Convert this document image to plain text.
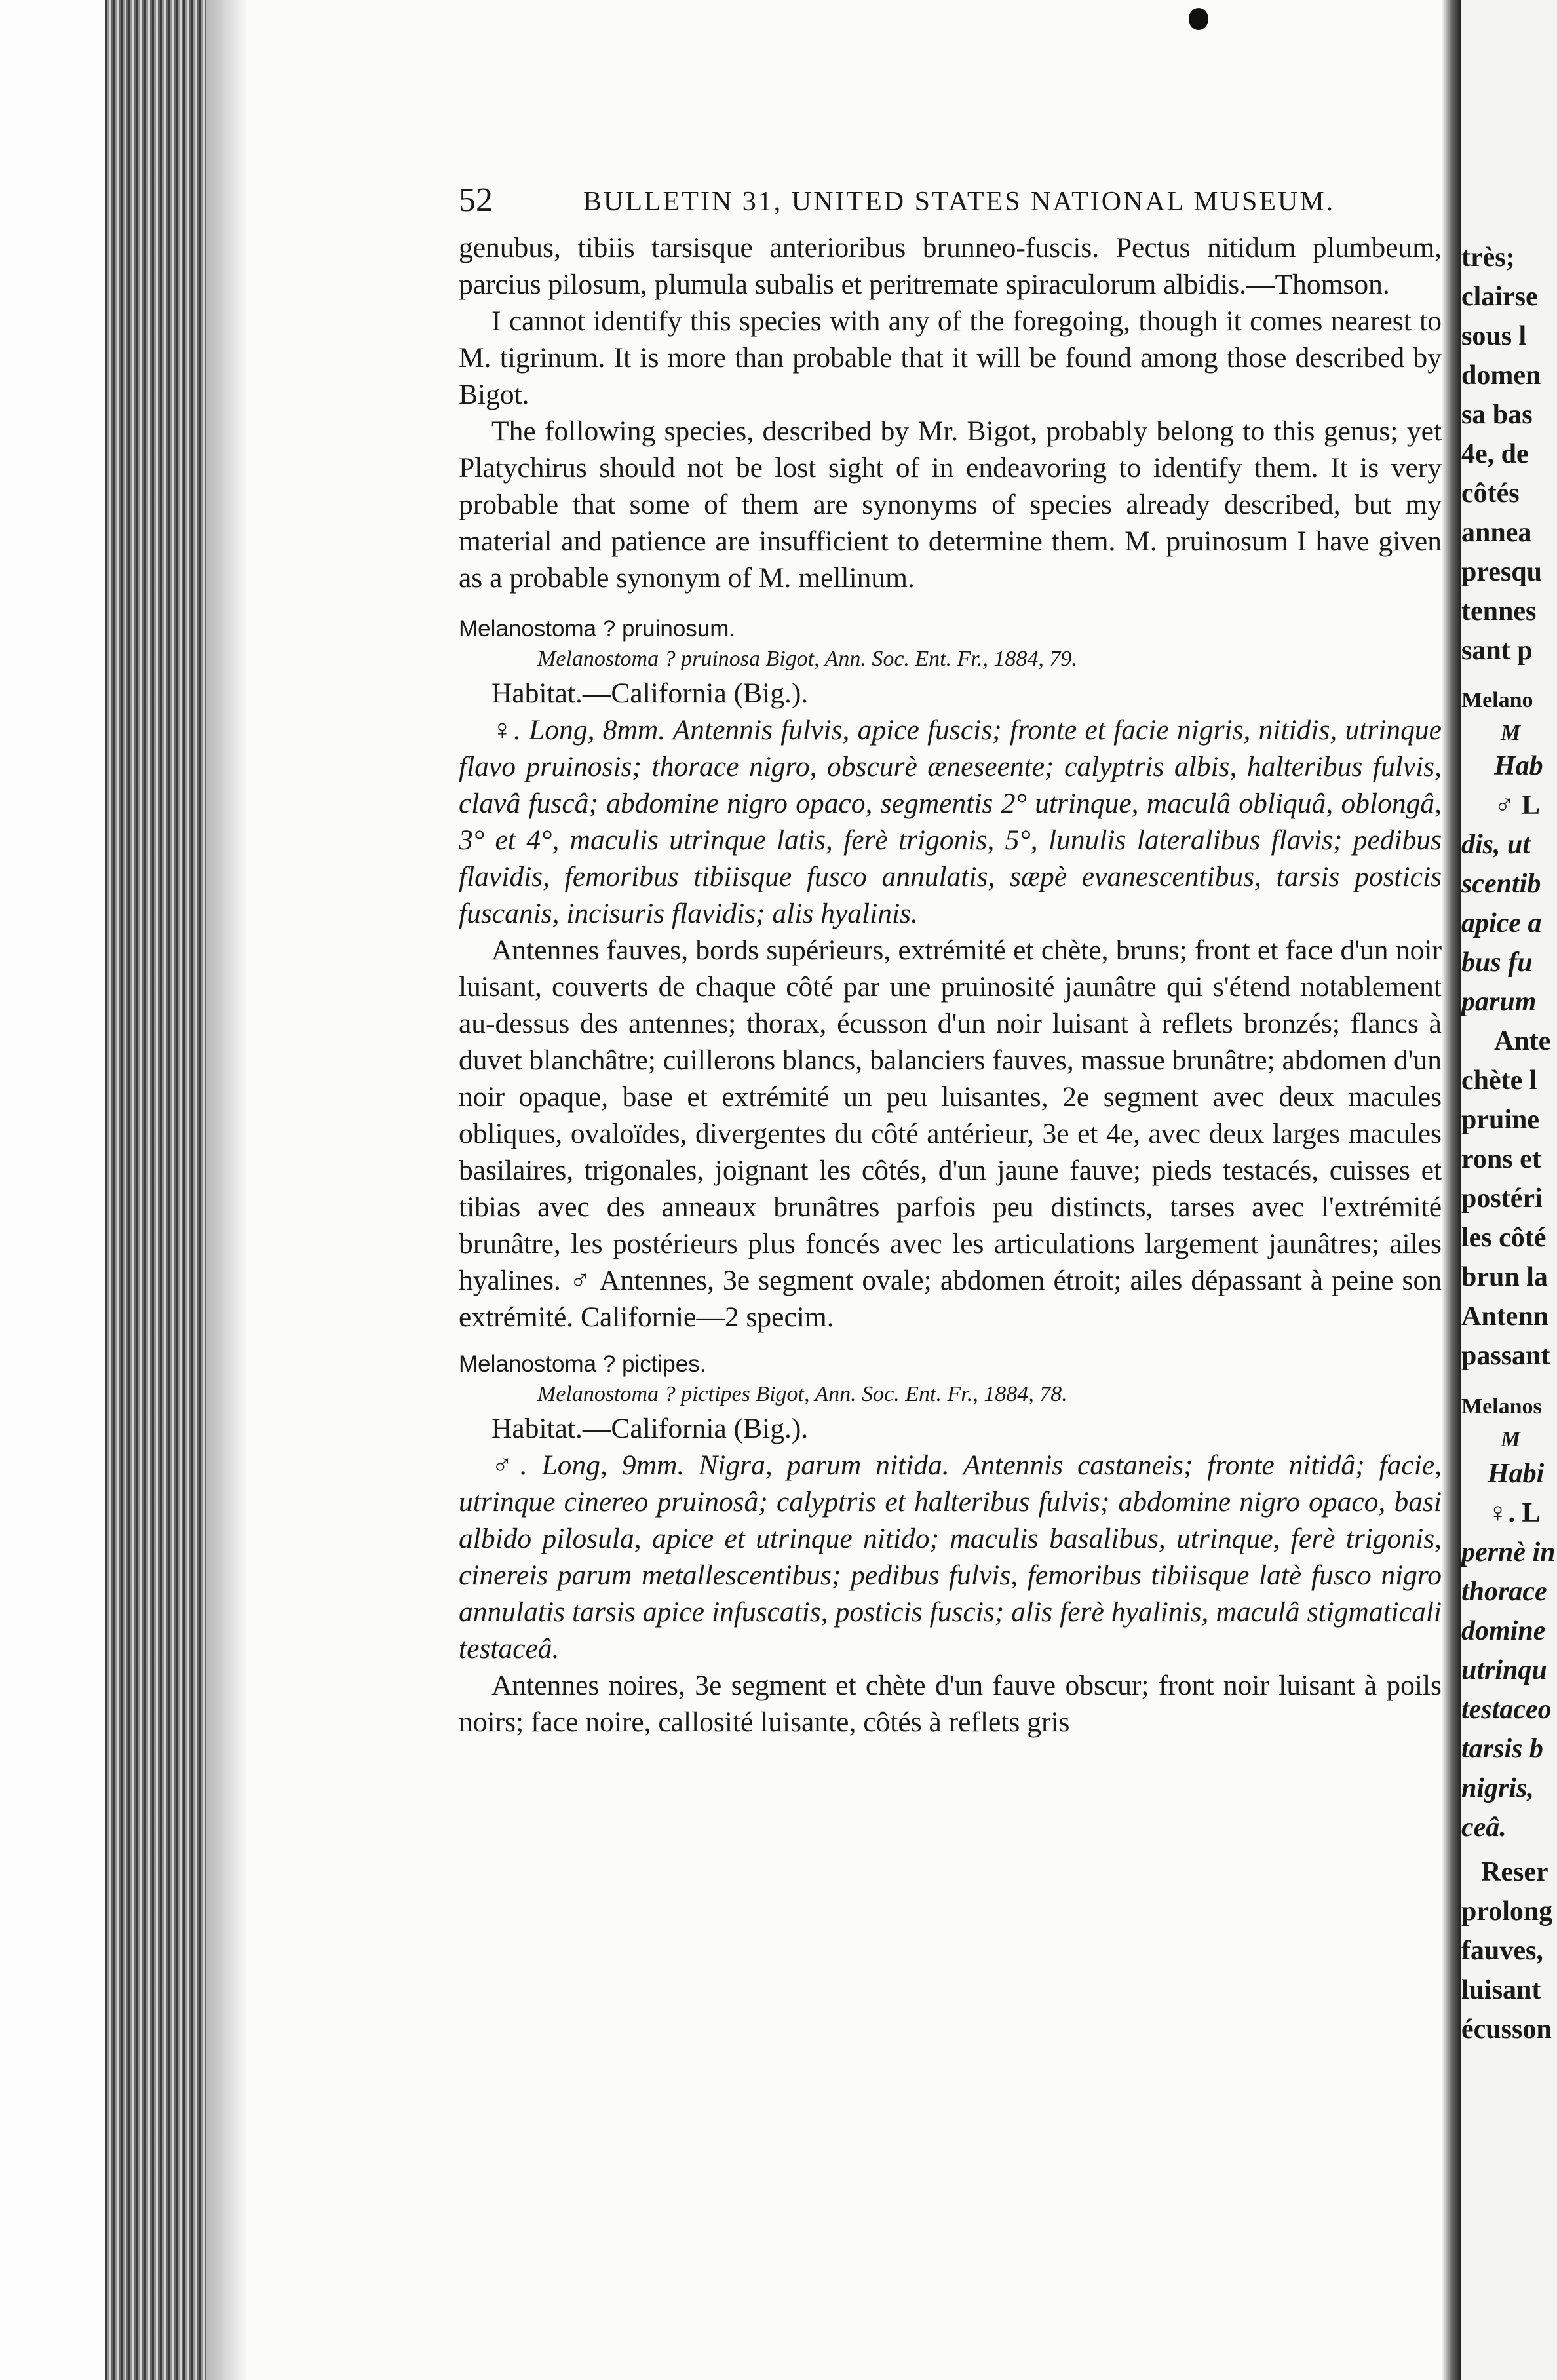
52	BULLETIN 31, UNITED STATES NATIONAL MUSEUM.

genubus, tibiis tarsisque anterioribus brunneo-fuscis. Pectus nitidum plumbeum, parcius pilosum, plumula subalis et peritremate spiraculorum albidis.—Thomson.

I cannot identify this species with any of the foregoing, though it comes nearest to M. tigrinum. It is more than probable that it will be found among those described by Bigot.

The following species, described by Mr. Bigot, probably belong to this genus; yet Platychirus should not be lost sight of in endeavoring to identify them. It is very probable that some of them are synonyms of species already described, but my material and patience are insufficient to determine them. M. pruinosum I have given as a probable synonym of M. mellinum.

Melanostoma ? pruinosum.

Melanostoma ? pruinosa Bigot, Ann. Soc. Ent. Fr., 1884, 79.

Habitat.—California (Big.).

♀. Long, 8mm. Antennis fulvis, apice fuscis; fronte et facie nigris, nitidis, utrinque flavo pruinosis; thorace nigro, obscurè æneseente; calyptris albis, halteribus fulvis, clavâ fuscâ; abdomine nigro opaco, segmentis 2° utrinque, maculâ obliquâ, oblongâ, 3° et 4°, maculis utrinque latis, ferè trigonis, 5°, lunulis lateralibus flavis; pedibus flavidis, femoribus tibiisque fusco annulatis, sæpè evanescentibus, tarsis posticis fuscanis, incisuris flavidis; alis hyalinis.

Antennes fauves, bords supérieurs, extrémité et chète, bruns; front et face d'un noir luisant, couverts de chaque côté par une pruinosité jaunâtre qui s'étend notablement au-dessus des antennes; thorax, écusson d'un noir luisant à reflets bronzés; flancs à duvet blanchâtre; cuillerons blancs, balanciers fauves, massue brunâtre; abdomen d'un noir opaque, base et extrémité un peu luisantes, 2e segment avec deux macules obliques, ovaloïdes, divergentes du côté antérieur, 3e et 4e, avec deux larges macules basilaires, trigonales, joignant les côtés, d'un jaune fauve; pieds testacés, cuisses et tibias avec des anneaux brunâtres parfois peu distincts, tarses avec l'extrémité brunâtre, les postérieurs plus foncés avec les articulations largement jaunâtres; ailes hyalines. ♂ Antennes, 3e segment ovale; abdomen étroit; ailes dépassant à peine son extrémité. Californie—2 specim.

Melanostoma ? pictipes.

Melanostoma ? pictipes Bigot, Ann. Soc. Ent. Fr., 1884, 78.

Habitat.—California (Big.).

♂. Long, 9mm. Nigra, parum nitida. Antennis castaneis; fronte nitidâ; facie, utrinque cinereo pruinosâ; calyptris et halteribus fulvis; abdomine nigro opaco, basi albido pilosula, apice et utrinque nitido; maculis basalibus, utrinque, ferè trigonis, cinereis parum metallescentibus; pedibus fulvis, femoribus tibiisque latè fusco nigro annulatis tarsis apice infuscatis, posticis fuscis; alis ferè hyalinis, maculâ stigmaticali testaceâ.

Antennes noires, 3e segment et chète d'un fauve obscur; front noir luisant à poils noirs; face noire, callosité luisante, côtés à reflets gris

très;
clairse
sous l
domen
sa bas
4e, de
côtés
annea
presqu
tennes
sant p
Melano
M
Hab
♂ L
dis, ut
scentib
apice a
bus fu
parum
Ante
chète l
pruine
rons et
postéri
les côté
brun la
Antenn
passant
Melanos
M
Habi
♀. L
pernè in
thorace
domine
utrinqu
testaceo
tarsis b
nigris,
ceâ.
Reser
prolong
fauves,
luisant
écusson
